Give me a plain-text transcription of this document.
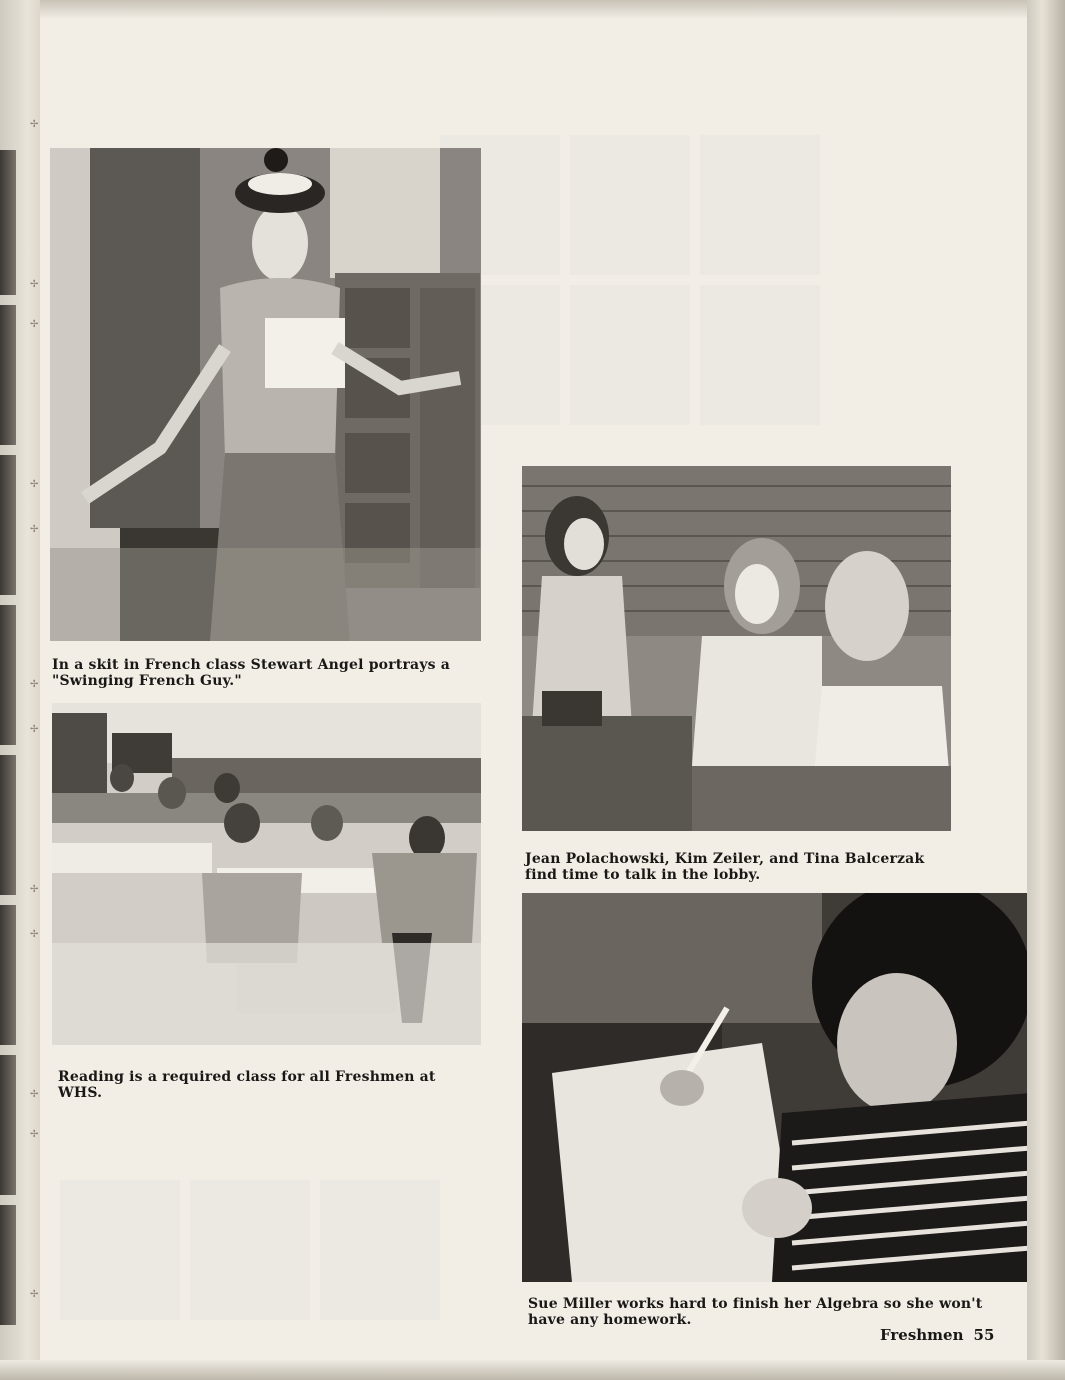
✢
✢
✢
✢
✢
✢
✢
✢
✢
✢
✢
✢
In a skit in French class Stewart Angel portrays a "Swinging French Guy."
Reading is a required class for all Freshmen at WHS.
Jean Polachowski, Kim Zeiler, and Tina Balcerzak find time to talk in the lobby.
Sue Miller works hard to finish her Algebra so she won't have any homework.
Freshmen 55
